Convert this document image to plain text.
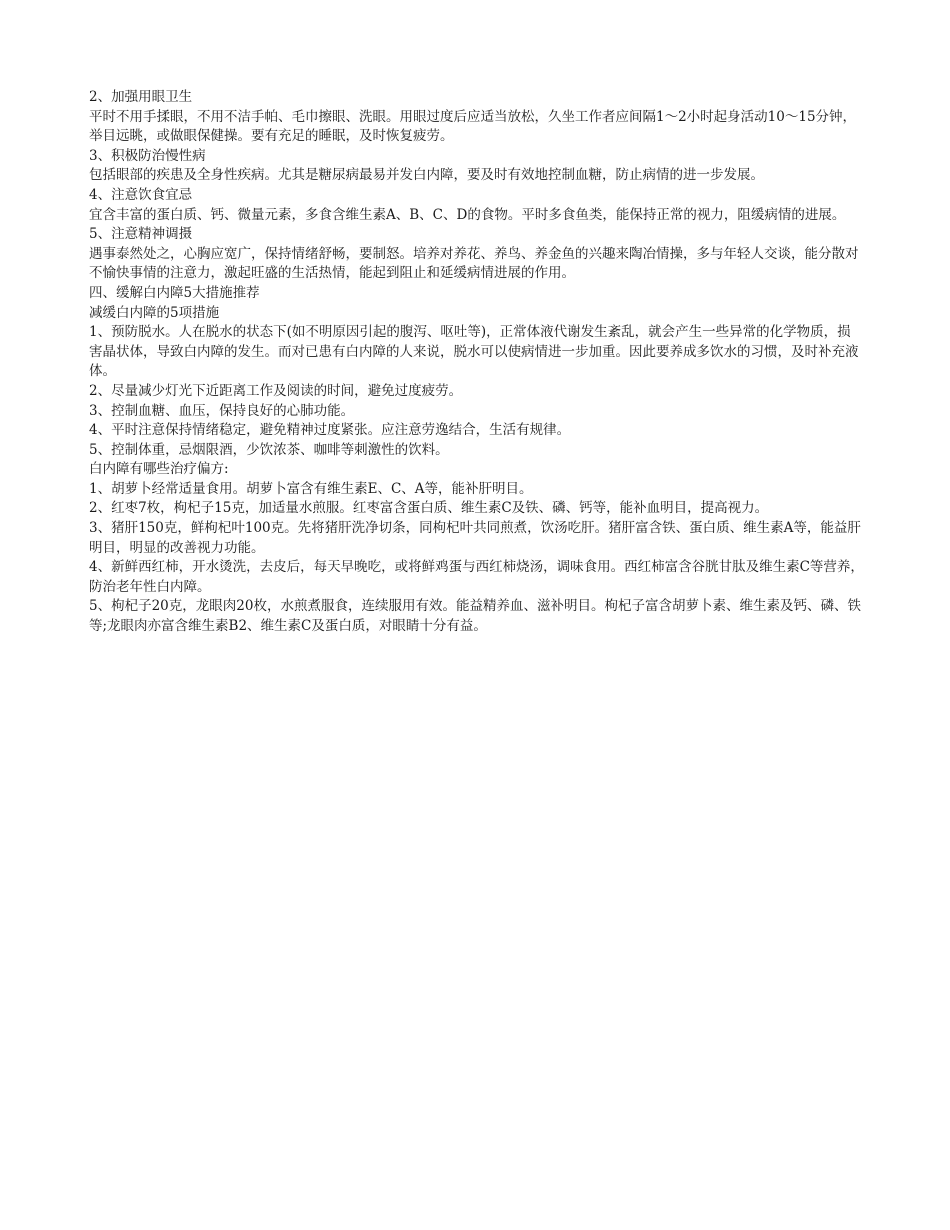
2、加强用眼卫生

平时不用手揉眼，不用不洁手帕、毛巾擦眼、洗眼。用眼过度后应适当放松，久坐工作者应间隔1～2小时起身活动10～15分钟，举目远眺，或做眼保健操。要有充足的睡眠，及时恢复疲劳。

3、积极防治慢性病

包括眼部的疾患及全身性疾病。尤其是糖尿病最易并发白内障，要及时有效地控制血糖，防止病情的进一步发展。

4、注意饮食宜忌

宜含丰富的蛋白质、钙、微量元素，多食含维生素A、B、C、D的食物。平时多食鱼类，能保持正常的视力，阻缓病情的进展。

5、注意精神调摄

遇事泰然处之，心胸应宽广，保持情绪舒畅，要制怒。培养对养花、养鸟、养金鱼的兴趣来陶冶情操，多与年轻人交谈，能分散对不愉快事情的注意力，激起旺盛的生活热情，能起到阻止和延缓病情进展的作用。

四、缓解白内障5大措施推荐

减缓白内障的5项措施

1、预防脱水。人在脱水的状态下(如不明原因引起的腹泻、呕吐等)，正常体液代谢发生紊乱，就会产生一些异常的化学物质，损害晶状体，导致白内障的发生。而对已患有白内障的人来说，脱水可以使病情进一步加重。因此要养成多饮水的习惯，及时补充液体。

2、尽量减少灯光下近距离工作及阅读的时间，避免过度疲劳。

3、控制血糖、血压，保持良好的心肺功能。

4、平时注意保持情绪稳定，避免精神过度紧张。应注意劳逸结合，生活有规律。

5、控制体重，忌烟限酒，少饮浓茶、咖啡等刺激性的饮料。

白内障有哪些治疗偏方:

1、胡萝卜经常适量食用。胡萝卜富含有维生素E、C、A等，能补肝明目。

2、红枣7枚，枸杞子15克，加适量水煎服。红枣富含蛋白质、维生素C及铁、磷、钙等，能补血明目，提高视力。

3、猪肝150克，鲜枸杞叶100克。先将猪肝洗净切条，同枸杞叶共同煎煮，饮汤吃肝。猪肝富含铁、蛋白质、维生素A等，能益肝明目，明显的改善视力功能。

4、新鲜西红柿，开水烫洗，去皮后，每天早晚吃，或将鲜鸡蛋与西红柿烧汤，调味食用。西红柿富含谷胱甘肽及维生素C等营养，防治老年性白内障。

5、枸杞子20克，龙眼肉20枚，水煎煮服食，连续服用有效。能益精养血、滋补明目。枸杞子富含胡萝卜素、维生素及钙、磷、铁等;龙眼肉亦富含维生素B2、维生素C及蛋白质，对眼睛十分有益。
